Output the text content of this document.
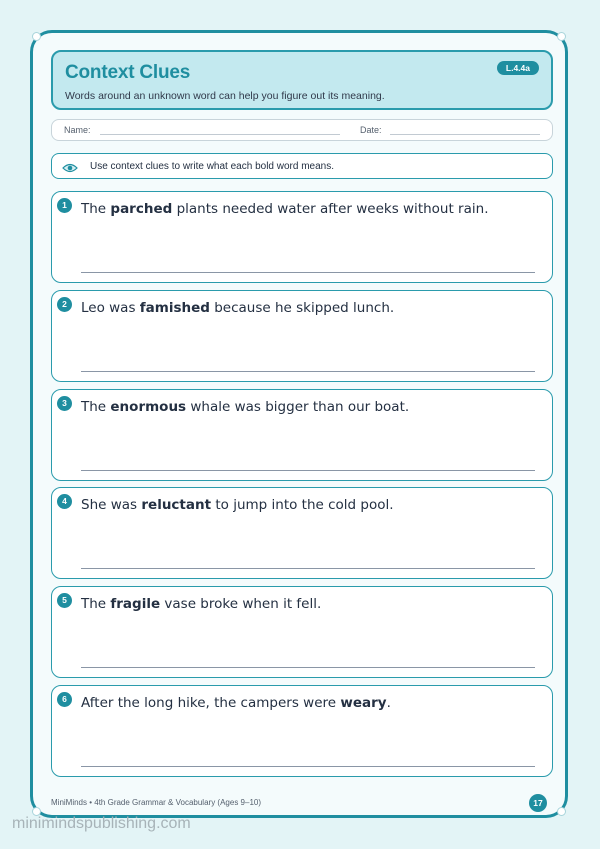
Context Clues
Words around an unknown word can help you figure out its meaning.
L.4.4a
Name:	Date:
Use context clues to write what each bold word means.
1	The parched plants needed water after weeks without rain.
2	Leo was famished because he skipped lunch.
3	The enormous whale was bigger than our boat.
4	She was reluctant to jump into the cold pool.
5	The fragile vase broke when it fell.
6	After the long hike, the campers were weary.
MiniMinds • 4th Grade Grammar & Vocabulary (Ages 9–10)	17
minimindspublishing.com
